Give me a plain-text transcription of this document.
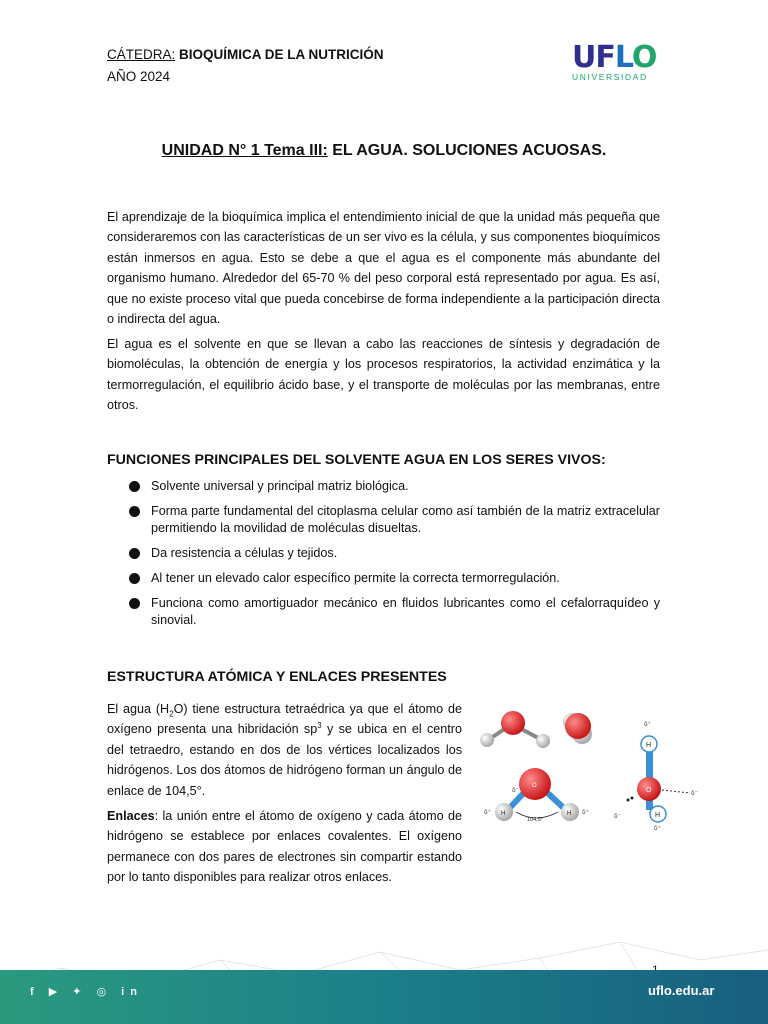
CÁTEDRA: BIOQUÍMICA DE LA NUTRICIÓN
AÑO 2024
UFLO
UNIVERSIDAD
UNIDAD N° 1 Tema III: EL AGUA. SOLUCIONES ACUOSAS.
El aprendizaje de la bioquímica implica el entendimiento inicial de que la unidad más pequeña que consideraremos con las características de un ser vivo es la célula, y sus componentes bioquímicos están inmersos en agua. Esto se debe a que el agua es el componente más abundante del organismo humano. Alrededor del 65-70 % del peso corporal está representado por agua. Es así, que no existe proceso vital que pueda concebirse de forma independiente a la participación directa o indirecta del agua.
El agua es el solvente en que se llevan a cabo las reacciones de síntesis y degradación de biomoléculas, la obtención de energía y los procesos respiratorios, la actividad enzimática y la termorregulación, el equilibrio ácido base, y el transporte de moléculas por las membranas, entre otros.
FUNCIONES PRINCIPALES DEL SOLVENTE AGUA EN LOS SERES VIVOS:
Solvente universal y principal matriz biológica.
Forma parte fundamental del citoplasma celular como así también de la matriz extracelular permitiendo la movilidad de moléculas disueltas.
Da resistencia a células y tejidos.
Al tener un elevado calor específico permite la correcta termorregulación.
Funciona como amortiguador mecánico en fluidos lubricantes como el cefalorraquídeo y sinovial.
ESTRUCTURA ATÓMICA Y ENLACES PRESENTES
El agua $(H_2O)$ tiene estructura tetraédrica ya que el átomo de oxígeno presenta una hibridación $sp^3$ y se ubica en el centro del tetraedro, estando en dos de los vértices localizados los hidrógenos. Los dos átomos de hidrógeno forman un ángulo de enlace de 104,5°.
Enlaces: la unión entre el átomo de oxígeno y cada átomo de hidrógeno se establece por enlaces covalentes. El oxígeno permanece con dos pares de electrones sin compartir estando por lo tanto disponibles para realizar otros enlaces.
O
H	H
104,5°
δ⁻
δ⁺	δ⁺
H
O
H
δ⁺
δ⁺
δ⁻
δ⁻
f ▶ ✦ ◎ in	uflo.edu.ar
